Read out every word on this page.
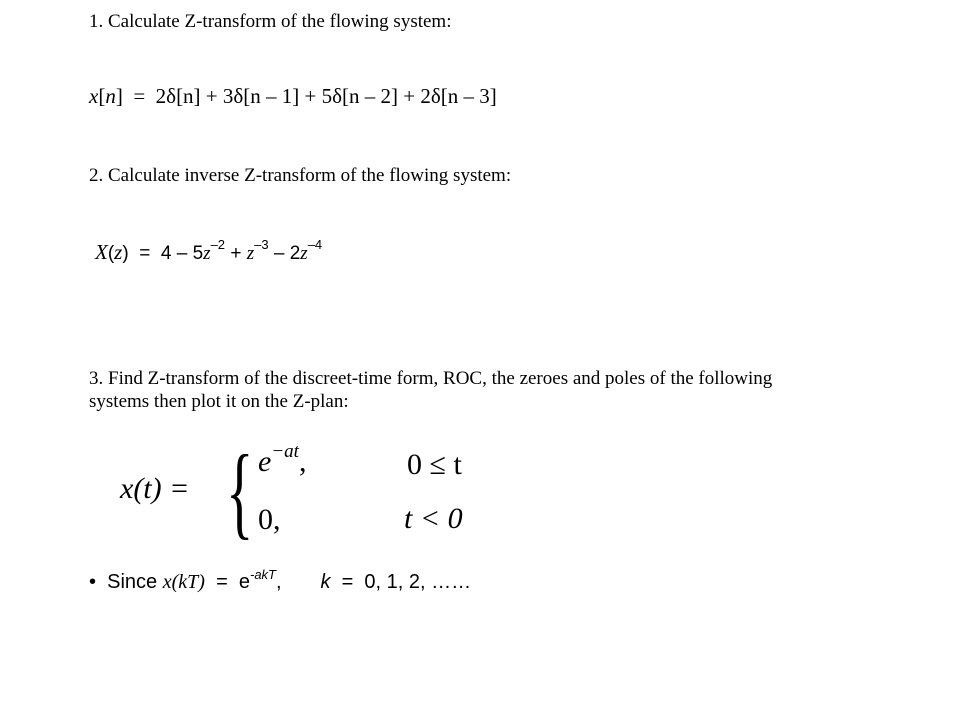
1. Calculate Z-transform of the flowing system:
x[n]  = 2δ[n] + 3δ[n – 1] + 5δ[n – 2] + 2δ[n – 3]
2. Calculate inverse Z-transform of the flowing system:
$X(z) = 4 - 5z^{-2} + z^{-3} - 2z^{-4}$
3. Find Z-transform of the discreet-time form, ROC, the zeroes and poles of the following
systems then plot it on the Z-plan:
x(t) = { $e^{-at}$,	0 ≤ t
0,	t < 0
• Since $x(kT) = e^{-akT}$, k = 0, 1, 2, ……
